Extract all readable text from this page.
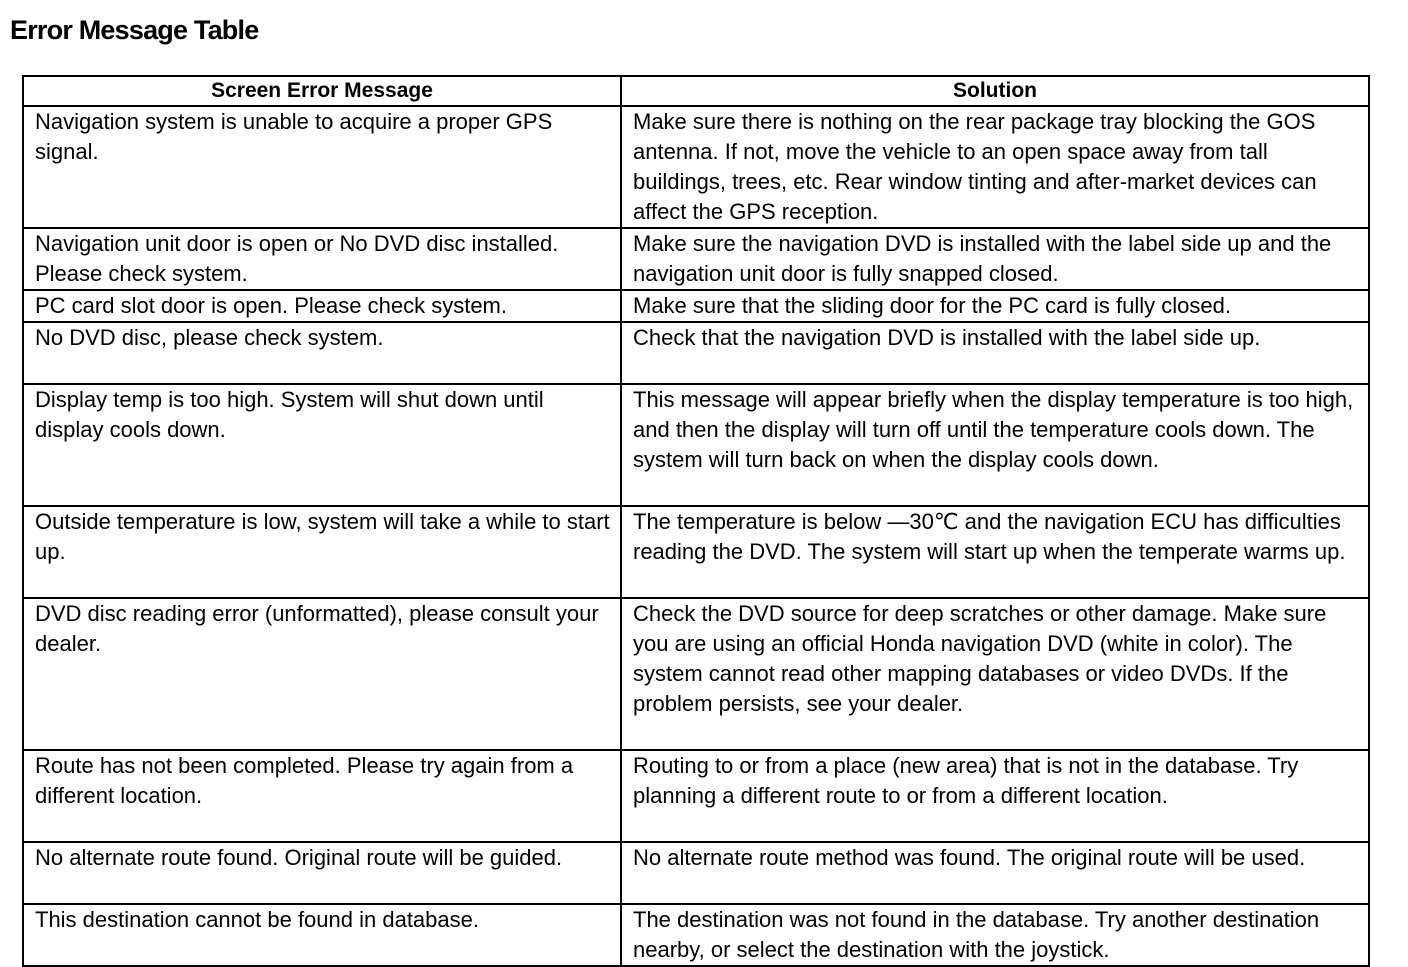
Error Message Table
Screen Error Message	Solution
Navigation system is unable to acquire a proper GPS signal.	Make sure there is nothing on the rear package tray blocking the GOS antenna. If not, move the vehicle to an open space away from tall buildings, trees, etc. Rear window tinting and after-market devices can affect the GPS reception.
Navigation unit door is open or No DVD disc installed. Please check system.	Make sure the navigation DVD is installed with the label side up and the navigation unit door is fully snapped closed.
PC card slot door is open. Please check system.	Make sure that the sliding door for the PC card is fully closed.
No DVD disc, please check system.	Check that the navigation DVD is installed with the label side up.
Display temp is too high. System will shut down until display cools down.	This message will appear briefly when the display temperature is too high, and then the display will turn off until the temperature cools down. The system will turn back on when the display cools down.
Outside temperature is low, system will take a while to start up.	The temperature is below —30℃ and the navigation ECU has difficulties reading the DVD. The system will start up when the temperate warms up.
DVD disc reading error (unformatted), please consult your dealer.	Check the DVD source for deep scratches or other damage. Make sure you are using an official Honda navigation DVD (white in color). The system cannot read other mapping databases or video DVDs. If the problem persists, see your dealer.
Route has not been completed. Please try again from a different location.	Routing to or from a place (new area) that is not in the database. Try planning a different route to or from a different location.
No alternate route found. Original route will be guided.	No alternate route method was found. The original route will be used.
This destination cannot be found in database.	The destination was not found in the database. Try another destination nearby, or select the destination with the joystick.
